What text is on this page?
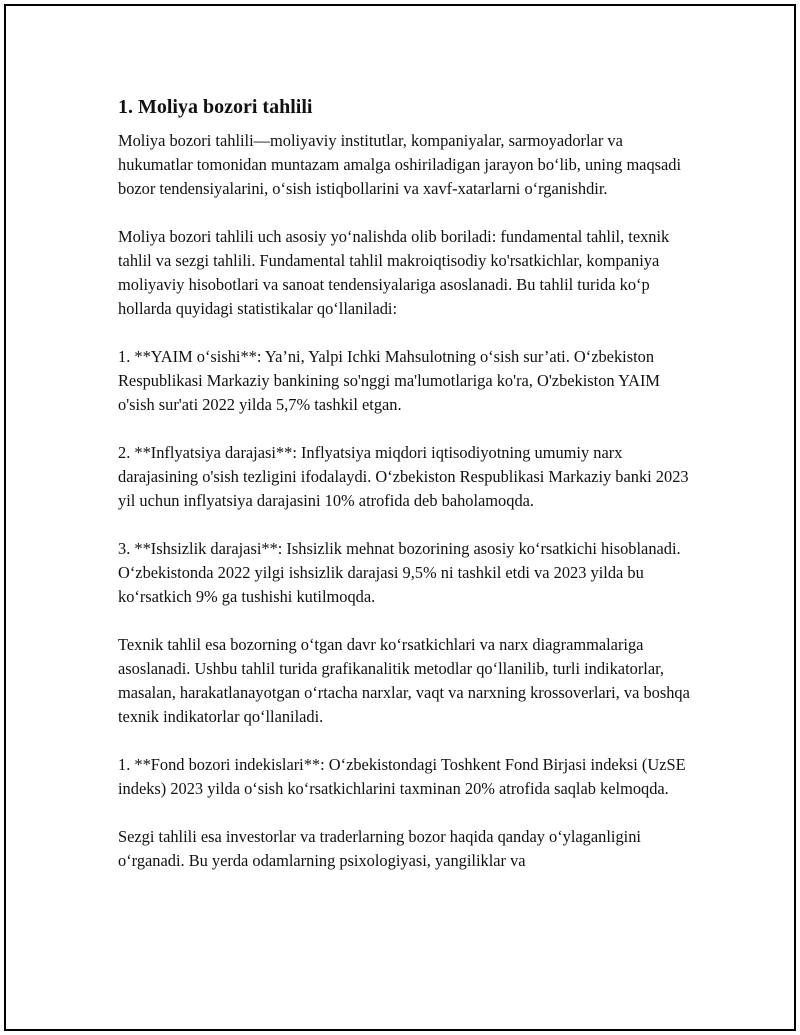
1. Moliya bozori tahlili

Moliya bozori tahlili—moliyaviy institutlar, kompaniyalar, sarmoyadorlar va hukumatlar tomonidan muntazam amalga oshiriladigan jarayon bo‘lib, uning maqsadi bozor tendensiyalarini, o‘sish istiqbollarini va xavf-xatarlarni o‘rganishdir.

Moliya bozori tahlili uch asosiy yo‘nalishda olib boriladi: fundamental tahlil, texnik tahlil va sezgi tahlili. Fundamental tahlil makroiqtisodiy ko'rsatkichlar, kompaniya moliyaviy hisobotlari va sanoat tendensiyalariga asoslanadi. Bu tahlil turida ko‘p hollarda quyidagi statistikalar qo‘llaniladi:

1. **YAIM o‘sishi**: Ya’ni, Yalpi Ichki Mahsulotning o‘sish sur’ati. O‘zbekiston Respublikasi Markaziy bankining so'nggi ma'lumotlariga ko'ra, O'zbekiston YAIM o'sish sur'ati 2022 yilda 5,7% tashkil etgan.

2. **Inflyatsiya darajasi**: Inflyatsiya miqdori iqtisodiyotning umumiy narx darajasining o'sish tezligini ifodalaydi. O‘zbekiston Respublikasi Markaziy banki 2023 yil uchun inflyatsiya darajasini 10% atrofida deb baholamoqda.

3. **Ishsizlik darajasi**: Ishsizlik mehnat bozorining asosiy ko‘rsatkichi hisoblanadi. O‘zbekistonda 2022 yilgi ishsizlik darajasi 9,5% ni tashkil etdi va 2023 yilda bu ko‘rsatkich 9% ga tushishi kutilmoqda.

Texnik tahlil esa bozorning o‘tgan davr ko‘rsatkichlari va narx diagrammalariga asoslanadi. Ushbu tahlil turida grafikanalitik metodlar qo‘llanilib, turli indikatorlar, masalan, harakatlanayotgan o‘rtacha narxlar, vaqt va narxning krossoverlari, va boshqa texnik indikatorlar qo‘llaniladi.

1. **Fond bozori indekislari**: O‘zbekistondagi Toshkent Fond Birjasi indeksi (UzSE indeks) 2023 yilda o‘sish ko‘rsatkichlarini taxminan 20% atrofida saqlab kelmoqda.

Sezgi tahlili esa investorlar va traderlarning bozor haqida qanday o‘ylaganligini o‘rganadi. Bu yerda odamlarning psixologiyasi, yangiliklar va
